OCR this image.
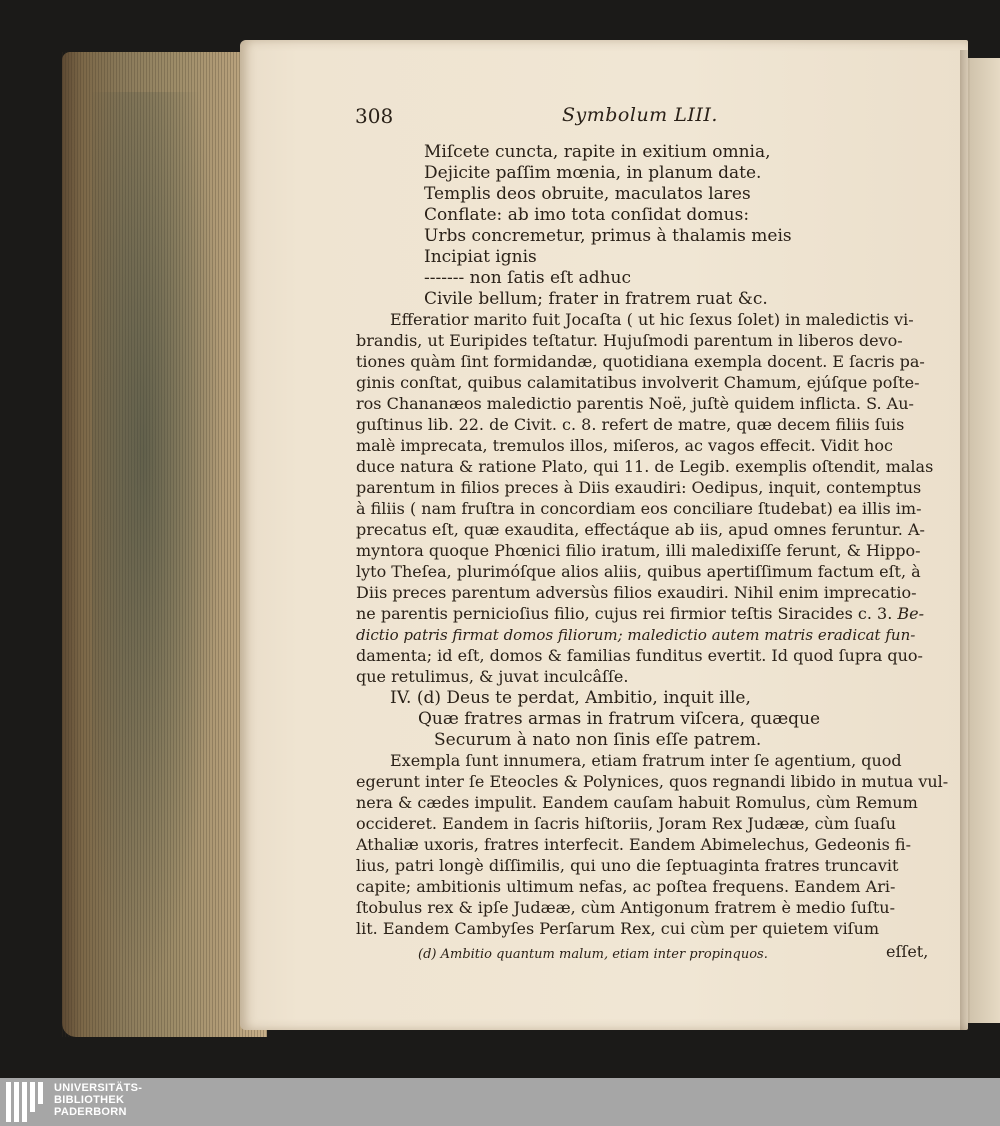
308	Symbolum LIII.
Miſcete cuncta, rapite in exitium omnia,
Dejicite paſſim mœnia, in planum date.
Templis deos obruite, maculatos lares
Conflate: ab imo tota conſidat domus:
Urbs concremetur, primus à thalamis meis
Incipiat ignis
------- non ſatis eſt adhuc
Civile bellum; frater in fratrem ruat &c.
Efferatior marito fuit Jocaſta ( ut hic ſexus ſolet) in maledictis vi-
brandis, ut Euripides teſtatur. Hujuſmodi parentum in liberos devo-
tiones quàm ſint formidandæ, quotidiana exempla docent. E ſacris pa-
ginis conſtat, quibus calamitatibus involverit Chamum, ejúſque poſte-
ros Chananæos maledictio parentis Noë, juſtè quidem inflicta. S. Au-
guſtinus lib. 22. de Civit. c. 8. refert de matre, quæ decem filiis ſuis
malè imprecata, tremulos illos, miſeros, ac vagos effecit. Vidit hoc
duce natura & ratione Plato, qui 11. de Legib. exemplis oſtendit, malas
parentum in filios preces à Diis exaudiri: Oedipus, inquit, contemptus
à filiis ( nam fruſtra in concordiam eos conciliare ſtudebat) ea illis im-
precatus eſt, quæ exaudita, effectáque ab iis, apud omnes feruntur. A-
myntora quoque Phœnici filio iratum, illi maledixiſſe ferunt, & Hippo-
lyto Theſea, plurimóſque alios aliis, quibus apertiſſimum factum eſt, à
Diis preces parentum adversùs filios exaudiri. Nihil enim imprecatio-
ne parentis pernicioſius filio, cujus rei firmior teſtis Siracides c. 3. Be-
dictio patris firmat domos filiorum; maledictio autem matris eradicat fun-
damenta; id eſt, domos & familias funditus evertit. Id quod ſupra quo-
que retulimus, & juvat inculcâſſe.
IV. (d) Deus te perdat, Ambitio, inquit ille,
Quæ fratres armas in fratrum viſcera, quæque
Securum à nato non ſinis eſſe patrem.
Exempla ſunt innumera, etiam fratrum inter ſe agentium, quod
egerunt inter ſe Eteocles & Polynices, quos regnandi libido in mutua vul-
nera & cædes impulit. Eandem cauſam habuit Romulus, cùm Remum
occideret. Eandem in ſacris hiſtoriis, Joram Rex Judææ, cùm ſuaſu
Athaliæ uxoris, fratres interfecit. Eandem Abimelechus, Gedeonis fi-
lius, patri longè diſſimilis, qui uno die ſeptuaginta fratres truncavit
capite; ambitionis ultimum nefas, ac poſtea frequens. Eandem Ari-
ſtobulus rex & ipſe Judææ, cùm Antigonum fratrem è medio ſuſtu-
lit. Eandem Cambyſes Perſarum Rex, cui cùm per quietem viſum
(d) Ambitio quantum malum, etiam inter propinquos.	eſſet,
UNIVERSITÄTS-
BIBLIOTHEK
PADERBORN
